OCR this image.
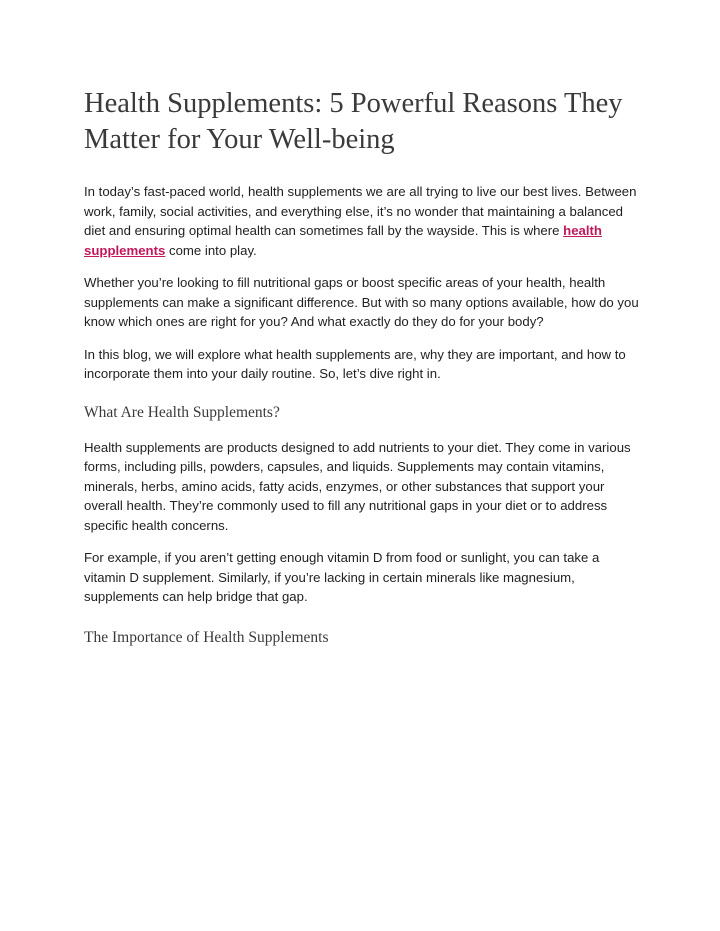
Health Supplements: 5 Powerful Reasons They Matter for Your Well-being

In today’s fast-paced world, health supplements we are all trying to live our best lives. Between work, family, social activities, and everything else, it’s no wonder that maintaining a balanced diet and ensuring optimal health can sometimes fall by the wayside. This is where health supplements come into play.

Whether you’re looking to fill nutritional gaps or boost specific areas of your health, health supplements can make a significant difference. But with so many options available, how do you know which ones are right for you? And what exactly do they do for your body?

In this blog, we will explore what health supplements are, why they are important, and how to incorporate them into your daily routine. So, let’s dive right in.

What Are Health Supplements?

Health supplements are products designed to add nutrients to your diet. They come in various forms, including pills, powders, capsules, and liquids. Supplements may contain vitamins, minerals, herbs, amino acids, fatty acids, enzymes, or other substances that support your overall health. They’re commonly used to fill any nutritional gaps in your diet or to address specific health concerns.

For example, if you aren’t getting enough vitamin D from food or sunlight, you can take a vitamin D supplement. Similarly, if you’re lacking in certain minerals like magnesium, supplements can help bridge that gap.

The Importance of Health Supplements
